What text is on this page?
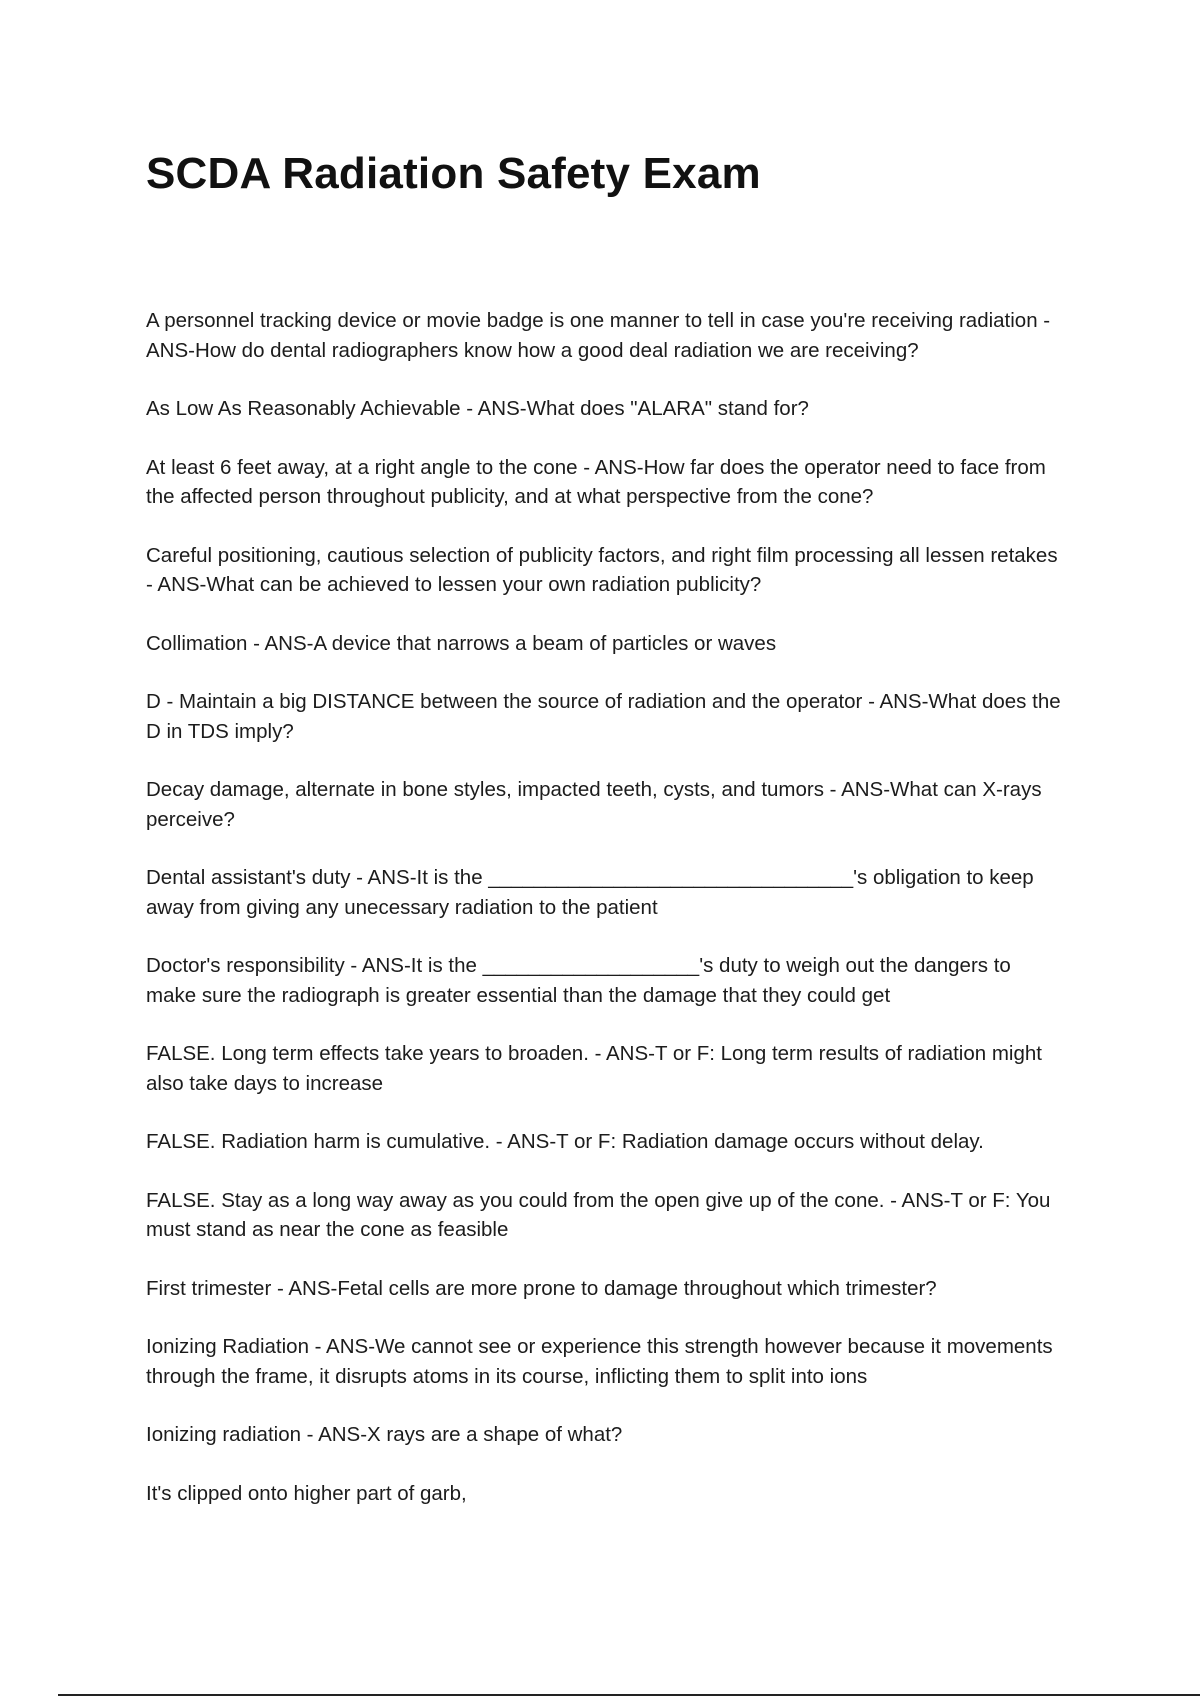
SCDA Radiation Safety Exam

A personnel tracking device or movie badge is one manner to tell in case you're receiving radiation - ANS-How do dental radiographers know how a good deal radiation we are receiving?

As Low As Reasonably Achievable - ANS-What does "ALARA" stand for?

At least 6 feet away, at a right angle to the cone - ANS-How far does the operator need to face from the affected person throughout publicity, and at what perspective from the cone?

Careful positioning, cautious selection of publicity factors, and right film processing all lessen retakes - ANS-What can be achieved to lessen your own radiation publicity?

Collimation - ANS-A device that narrows a beam of particles or waves

D - Maintain a big DISTANCE between the source of radiation and the operator - ANS-What does the D in TDS imply?

Decay damage, alternate in bone styles, impacted teeth, cysts, and tumors - ANS-What can X-rays perceive?

Dental assistant's duty - ANS-It is the ________________________________'s obligation to keep away from giving any unecessary radiation to the patient

Doctor's responsibility - ANS-It is the ___________________'s duty to weigh out the dangers to make sure the radiograph is greater essential than the damage that they could get

FALSE. Long term effects take years to broaden. - ANS-T or F: Long term results of radiation might also take days to increase

FALSE. Radiation harm is cumulative. - ANS-T or F: Radiation damage occurs without delay.

FALSE. Stay as a long way away as you could from the open give up of the cone. - ANS-T or F: You must stand as near the cone as feasible

First trimester - ANS-Fetal cells are more prone to damage throughout which trimester?

Ionizing Radiation - ANS-We cannot see or experience this strength however because it movements through the frame, it disrupts atoms in its course, inflicting them to split into ions

Ionizing radiation - ANS-X rays are a shape of what?

It's clipped onto higher part of garb,
